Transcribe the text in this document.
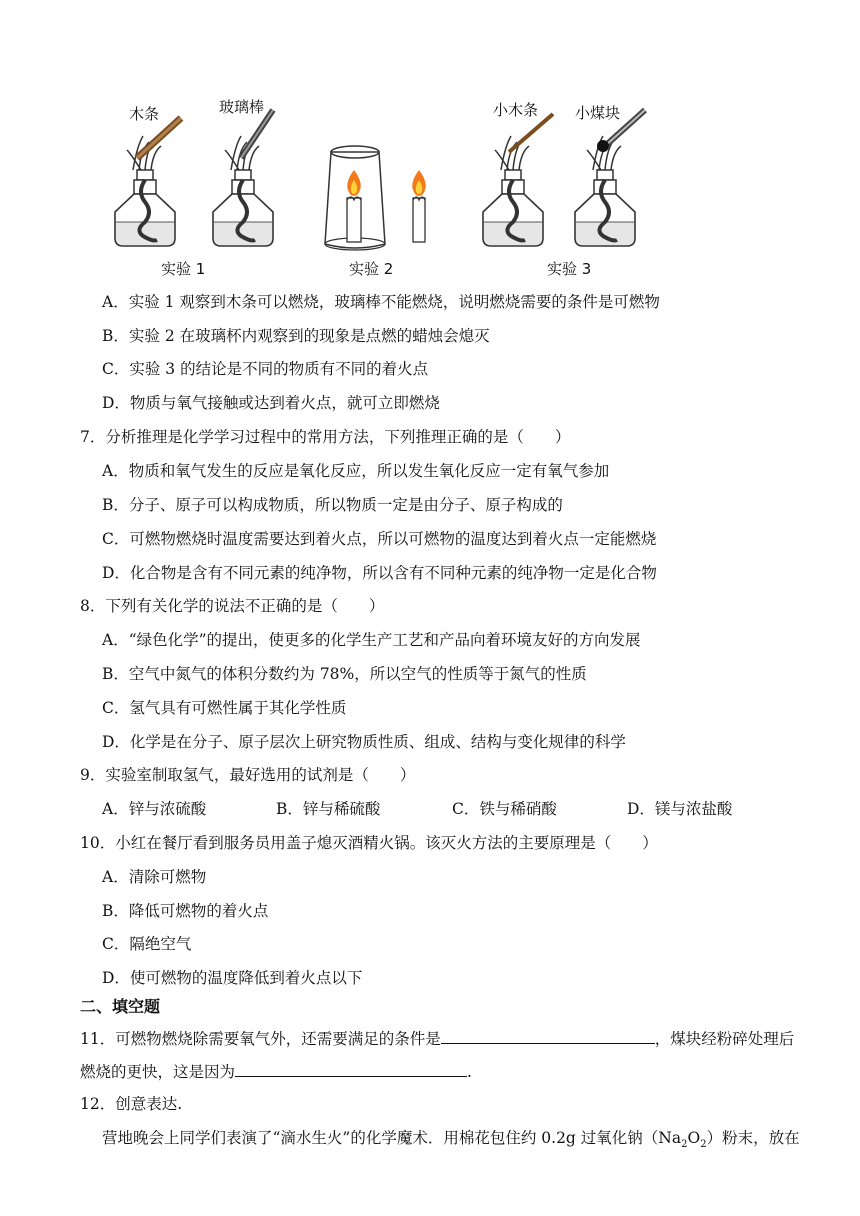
木条	玻璃棒	小木条 小煤块
实验 1	实验 2	实验 3
A．实验 1 观察到木条可以燃烧，玻璃棒不能燃烧，说明燃烧需要的条件是可燃物
B．实验 2 在玻璃杯内观察到的现象是点燃的蜡烛会熄灭
C．实验 3 的结论是不同的物质有不同的着火点
D．物质与氧气接触或达到着火点，就可立即燃烧
7．分析推理是化学学习过程中的常用方法，下列推理正确的是（　　）
A．物质和氧气发生的反应是氧化反应，所以发生氧化反应一定有氧气参加
B．分子、原子可以构成物质，所以物质一定是由分子、原子构成的
C．可燃物燃烧时温度需要达到着火点，所以可燃物的温度达到着火点一定能燃烧
D．化合物是含有不同元素的纯净物，所以含有不同种元素的纯净物一定是化合物
8．下列有关化学的说法不正确的是（　　）
A．“绿色化学”的提出，使更多的化学生产工艺和产品向着环境友好的方向发展
B．空气中氮气的体积分数约为 78%，所以空气的性质等于氮气的性质
C．氢气具有可燃性属于其化学性质
D．化学是在分子、原子层次上研究物质性质、组成、结构与变化规律的科学
9．实验室制取氢气，最好选用的试剂是（　　）
A．锌与浓硫酸	B．锌与稀硫酸	C．铁与稀硝酸	D．镁与浓盐酸
10．小红在餐厅看到服务员用盖子熄灭酒精火锅。该灭火方法的主要原理是（　　）
A．清除可燃物
B．降低可燃物的着火点
C．隔绝空气
D．使可燃物的温度降低到着火点以下
二、填空题
11．可燃物燃烧除需要氧气外，还需要满足的条件是	，煤块经粉碎处理后
燃烧的更快，这是因为	.
12．创意表达.
营地晚会上同学们表演了“滴水生火”的化学魔术．用棉花包住约 0.2g 过氧化钠$(Na_2O_2)$粉末，放在
